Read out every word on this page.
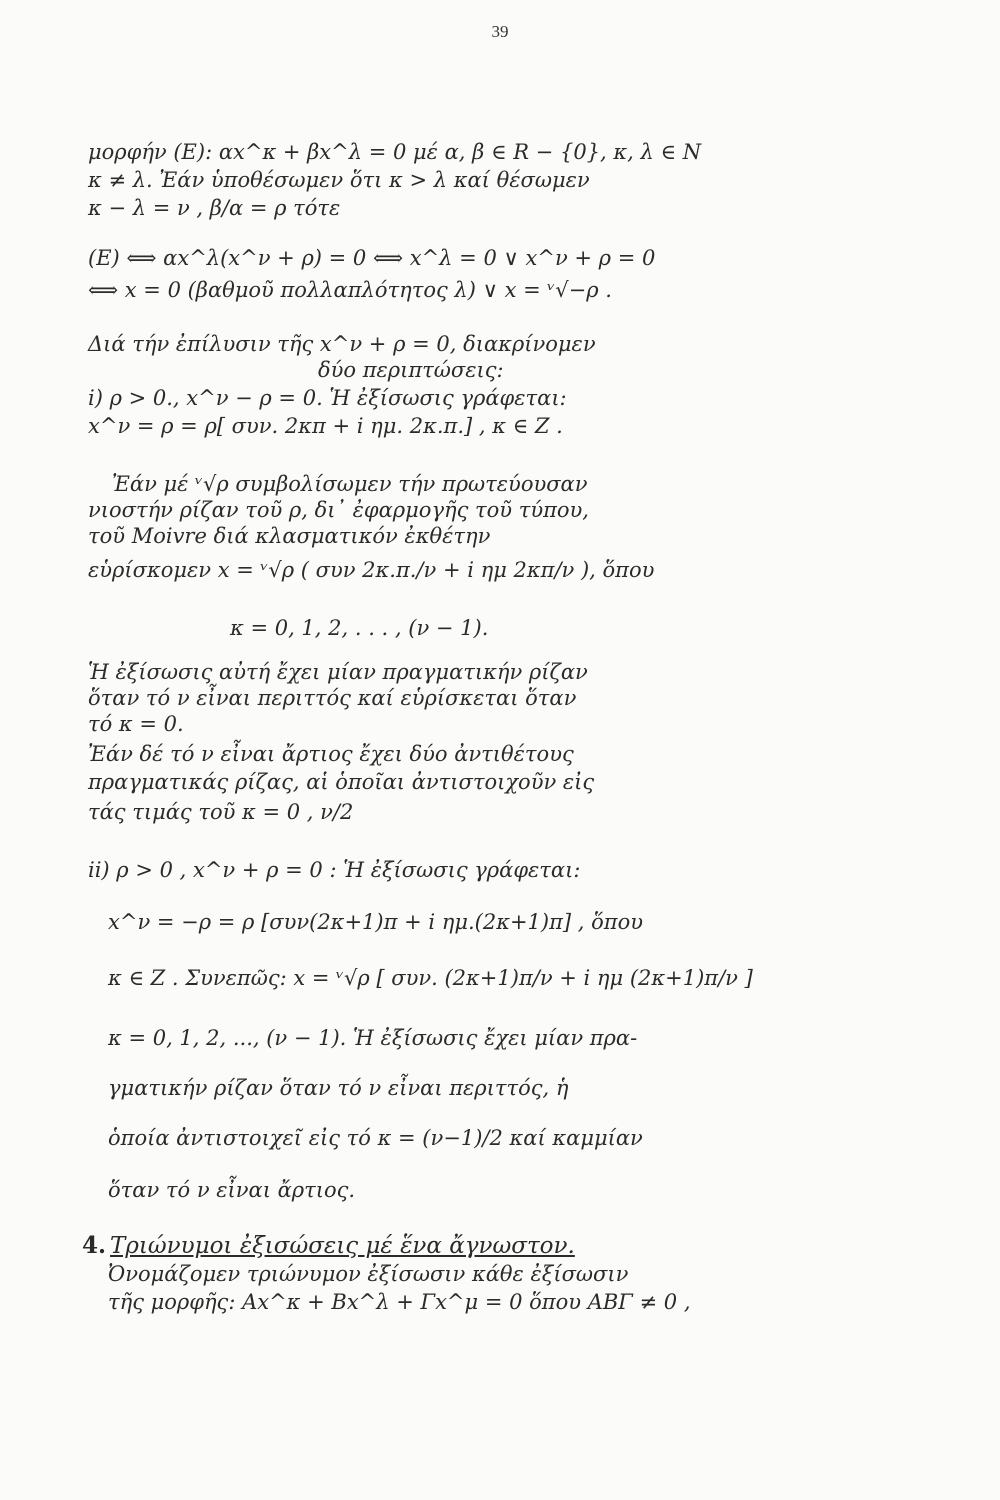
39
μορφήν (Ε): αx^κ + βx^λ = 0 μέ α, β ∈ R − {0}, κ, λ ∈ N
κ ≠ λ. Ἐάν ὑποθέσωμεν ὅτι κ > λ καί θέσωμεν
κ − λ = ν , β/α = ρ τότε
(Ε) ⟺ αx^λ(x^ν + ρ) = 0 ⟺ x^λ = 0 ∨ x^ν + ρ = 0
⟺ x = 0 (βαθμοῦ πολλαπλότητος λ) ∨ x = ᵛ√−ρ .
Διά τήν ἐπίλυσιν τῆς x^ν + ρ = 0, διακρίνομεν
δύο περιπτώσεις:
i) ρ > 0., x^ν − ρ = 0. Ἡ ἐξίσωσις γράφεται:
x^ν = ρ = ρ[ συν. 2κπ + i ημ. 2κ.π.] , κ ∈ Z .
Ἐάν μέ ᵛ√ρ συμβολίσωμεν τήν πρωτεύουσαν
νιοστήν ρίζαν τοῦ ρ, δι᾽ ἐφαρμογῆς τοῦ τύπου,
τοῦ Moivre διά κλασματικόν ἐκθέτην
εὑρίσκομεν x = ᵛ√ρ ( συν 2κ.π./ν + i ημ 2κπ/ν ), ὅπου
κ = 0, 1, 2, . . . , (ν − 1).
Ἡ ἐξίσωσις αὐτή ἔχει μίαν πραγματικήν ρίζαν
ὅταν τό ν εἶναι περιττός καί εὑρίσκεται ὅταν
τό κ = 0.
Ἐάν δέ τό ν εἶναι ἄρτιος ἔχει δύο ἀντιθέτους
πραγματικάς ρίζας, αἱ ὁποῖαι ἀντιστοιχοῦν εἰς
τάς τιμάς τοῦ κ = 0 , ν/2
ii) ρ > 0 , x^ν + ρ = 0 : Ἡ ἐξίσωσις γράφεται:
x^ν = −ρ = ρ [συν(2κ+1)π + i ημ.(2κ+1)π] , ὅπου
κ ∈ Z . Συνεπῶς: x = ᵛ√ρ [ συν. (2κ+1)π/ν + i ημ (2κ+1)π/ν ]
κ = 0, 1, 2, ..., (ν − 1). Ἡ ἐξίσωσις ἔχει μίαν πρα-
γματικήν ρίζαν ὅταν τό ν εἶναι περιττός, ἡ
ὁποία ἀντιστοιχεῖ εἰς τό κ = (ν−1)/2 καί καμμίαν
ὅταν τό ν εἶναι ἄρτιος.
4. Τριώνυμοι ἐξισώσεις μέ ἕνα ἄγνωστον.
Ὀνομάζομεν τριώνυμον ἐξίσωσιν κάθε ἐξίσωσιν
τῆς μορφῆς: Ax^κ + Bx^λ + Γx^μ = 0 ὅπου ABΓ ≠ 0 ,
